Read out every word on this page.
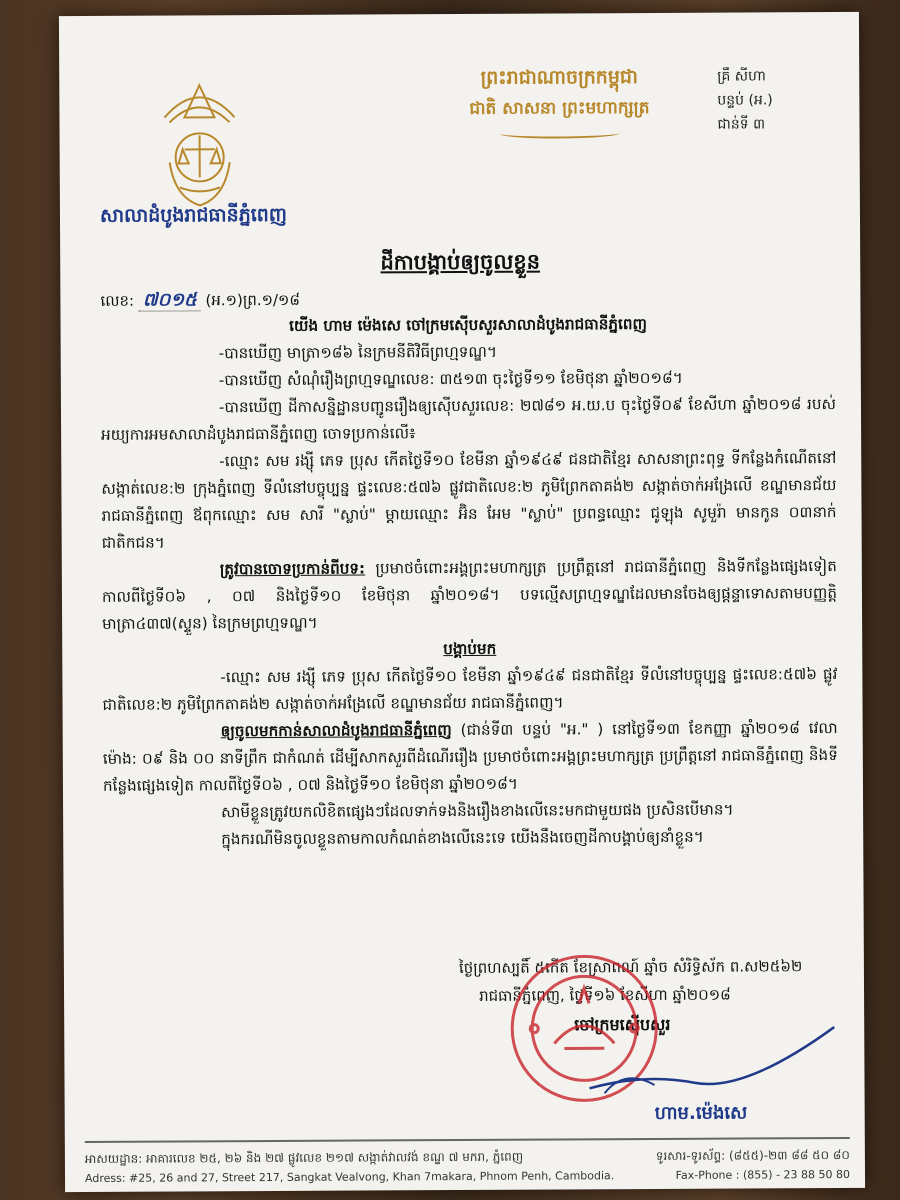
សាលាដំបូងរាជធានីភ្នំពេញ
ព្រះរាជាណាចក្រកម្ពុជា
ជាតិ សាសនា ព្រះមហាក្សត្រ
គ្រឹ សីហា
បន្ទប់ (អ.)
ជាន់ទី ៣
ដីកាបង្គាប់ឲ្យចូលខ្លួន
លេខ: ៧០១៥ (អ.១)ព្រ.១/១៨

យើង ហាម ម៉េងសេ ចៅក្រមស៊ើបសួរសាលាដំបូងរាជធានីភ្នំពេញ

-បានឃើញ មាត្រា១៨៦ នៃក្រមនីតិវិធីព្រហ្មទណ្ឌ។

-បានឃើញ សំណុំរឿងព្រហ្មទណ្ឌលេខ: ៣៥១៣ ចុះថ្ងៃទី១១ ខែមិថុនា ឆ្នាំ២០១៨។

-បានឃើញ ដីកាសន្និដ្ឋានបញ្ជូនរឿងឲ្យស៊ើបសួរលេខ: ២៧៨១ អ.យ.ប ចុះថ្ងៃទី០៩ ខែសីហា ឆ្នាំ២០១៨ របស់អយ្យការអមសាលាដំបូងរាជធានីភ្នំពេញ ចោទប្រកាន់លើ៖

-ឈ្មោះ សម រង្ស៊ី ភេទ ប្រុស កើតថ្ងៃទី១០ ខែមីនា ឆ្នាំ១៩៤៩ ជនជាតិខ្មែរ សាសនាព្រះពុទ្ធ ទីកន្លែងកំណើតនៅ សង្កាត់លេខ:២ ក្រុងភ្នំពេញ ទីលំនៅបច្ចុប្បន្ន ផ្ទះលេខ:៥៧៦ ផ្លូវជាតិលេខ:២ ភូមិព្រែកតាគង់២ សង្កាត់ចាក់អង្រែលើ ខណ្ឌមានជ័យ រាជធានីភ្នំពេញ ឪពុកឈ្មោះ សម សារី "ស្លាប់" ម្តាយឈ្មោះ អ៊ិន អែម "ស្លាប់" ប្រពន្ធឈ្មោះ ជូឡុង សូមួរ៉ា មានកូន ០៣នាក់ ជាតិកជន។

ត្រូវបានចោទប្រកាន់ពីបទ: ប្រមាថចំពោះអង្គព្រះមហាក្សត្រ ប្រព្រឹត្តនៅ រាជធានីភ្នំពេញ និងទីកន្លែងផ្សេងទៀត កាលពីថ្ងៃទី០៦ , ០៧ និងថ្ងៃទី១០ ខែមិថុនា ឆ្នាំ២០១៨។ បទល្មើសព្រហ្មទណ្ឌដែលមានចែងឲ្យផ្តន្ទាទោសតាមបញ្ញត្តិមាត្រា៤៣៧(ស្ទួន) នៃក្រមព្រហ្មទណ្ឌ។

បង្គាប់មក

-ឈ្មោះ សម រង្ស៊ី ភេទ ប្រុស កើតថ្ងៃទី១០ ខែមីនា ឆ្នាំ១៩៤៩ ជនជាតិខ្មែរ ទីលំនៅបច្ចុប្បន្ន ផ្ទះលេខ:៥៧៦ ផ្លូវជាតិលេខ:២ ភូមិព្រែកតាគង់២ សង្កាត់ចាក់អង្រែលើ ខណ្ឌមានជ័យ រាជធានីភ្នំពេញ។

ឲ្យចូលមកកាន់សាលាដំបូងរាជធានីភ្នំពេញ (ជាន់ទី៣ បន្ទប់ "អ." ) នៅថ្ងៃទី១៣ ខែកញ្ញា ឆ្នាំ២០១៨ វេលាម៉ោង: ០៩ និង ០០ នាទីព្រឹក ជាកំណត់ ដើម្បីសាកសួរពីដំណើររឿង ប្រមាថចំពោះអង្គព្រះមហាក្សត្រ ប្រព្រឹត្តនៅ រាជធានីភ្នំពេញ និងទីកន្លែងផ្សេងទៀត កាលពីថ្ងៃទី០៦ , ០៧ និងថ្ងៃទី១០ ខែមិថុនា ឆ្នាំ២០១៨។

សាមីខ្លួនត្រូវយកលិខិតផ្សេងៗដែលទាក់ទងនិងរឿងខាងលើនេះមកជាមួយផង ប្រសិនបើមាន។

ក្នុងករណីមិនចូលខ្លួនតាមកាលកំណត់ខាងលើនេះទេ យើងនឹងចេញដីកាបង្គាប់ឲ្យនាំខ្លួន។

ថ្ងៃព្រហស្បតិ៍ ៥កើត ខែស្រាពណ៍ ឆ្នាំច សំរិទ្ធិស័ក ព.ស២៥៦២
រាជធានីភ្នំពេញ, ថ្ងៃទី១៦ ខែសីហា ឆ្នាំ២០១៨
ចៅក្រមស៊ើបសួរ
ហាម.ម៉េងសេ
អាសយដ្ឋាន: អាគារលេខ ២៥, ២៦ និង ២៧ ផ្លូវលេខ ២១៧ សង្កាត់វាលវង់ ខណ្ឌ ៧ មករា, ភ្នំពេញ	ទូរសារ-ទូរស័ព្ទ: (៨៥៥)-២៣ ៨៨ ៥០ ៨០
Adress: #25, 26 and 27, Street 217, Sangkat Vealvong, Khan 7makara, Phnom Penh, Cambodia.	Fax-Phone : (855) - 23 88 50 80
